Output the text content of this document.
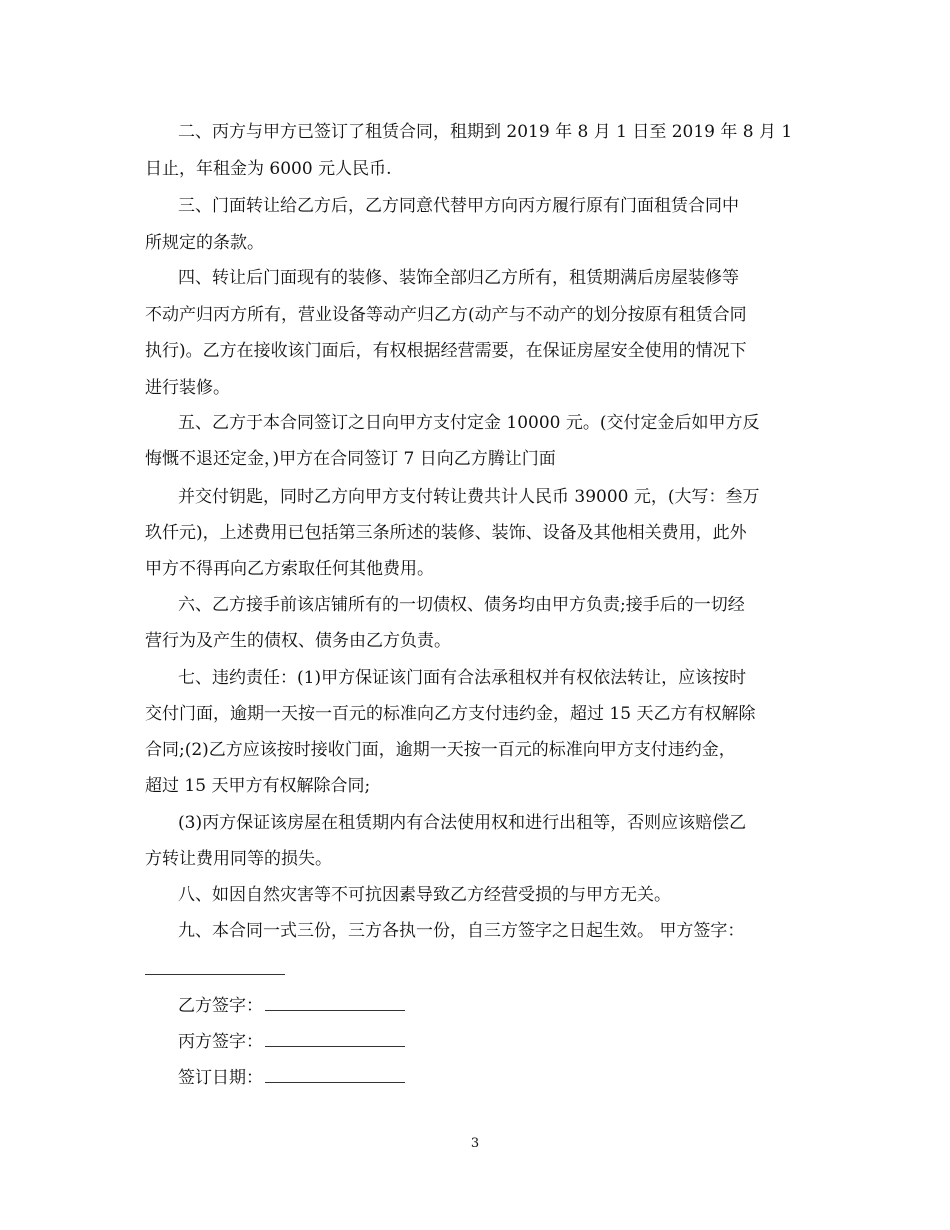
二、丙方与甲方已签订了租赁合同，租期到 2019 年 8 月 1 日至 2019 年 8 月 1
日止，年租金为 6000 元人民币.
三、门面转让给乙方后，乙方同意代替甲方向丙方履行原有门面租赁合同中
所规定的条款。
四、转让后门面现有的装修、装饰全部归乙方所有，租赁期满后房屋装修等
不动产归丙方所有，营业设备等动产归乙方(动产与不动产的划分按原有租赁合同
执行)。乙方在接收该门面后，有权根据经营需要，在保证房屋安全使用的情况下
进行装修。
五、乙方于本合同签订之日向甲方支付定金 10000 元。(交付定金后如甲方反
悔慨不退还定金，)甲方在合同签订 7 日向乙方腾让门面
并交付钥匙，同时乙方向甲方支付转让费共计人民币 39000 元，(大写：叁万
玖仟元)，上述费用已包括第三条所述的装修、装饰、设备及其他相关费用，此外
甲方不得再向乙方索取任何其他费用。
六、乙方接手前该店铺所有的一切债权、债务均由甲方负责;接手后的一切经
营行为及产生的债权、债务由乙方负责。
七、违约责任：(1)甲方保证该门面有合法承租权并有权依法转让，应该按时
交付门面，逾期一天按一百元的标准向乙方支付违约金，超过 15 天乙方有权解除
合同;(2)乙方应该按时接收门面，逾期一天按一百元的标准向甲方支付违约金，
超过 15 天甲方有权解除合同;
(3)丙方保证该房屋在租赁期内有合法使用权和进行出租等，否则应该赔偿乙
方转让费用同等的损失。
八、如因自然灾害等不可抗因素导致乙方经营受损的与甲方无关。
九、本合同一式三份，三方各执一份，自三方签字之日起生效。 甲方签字：
乙方签字：
丙方签字：
签订日期：
3
